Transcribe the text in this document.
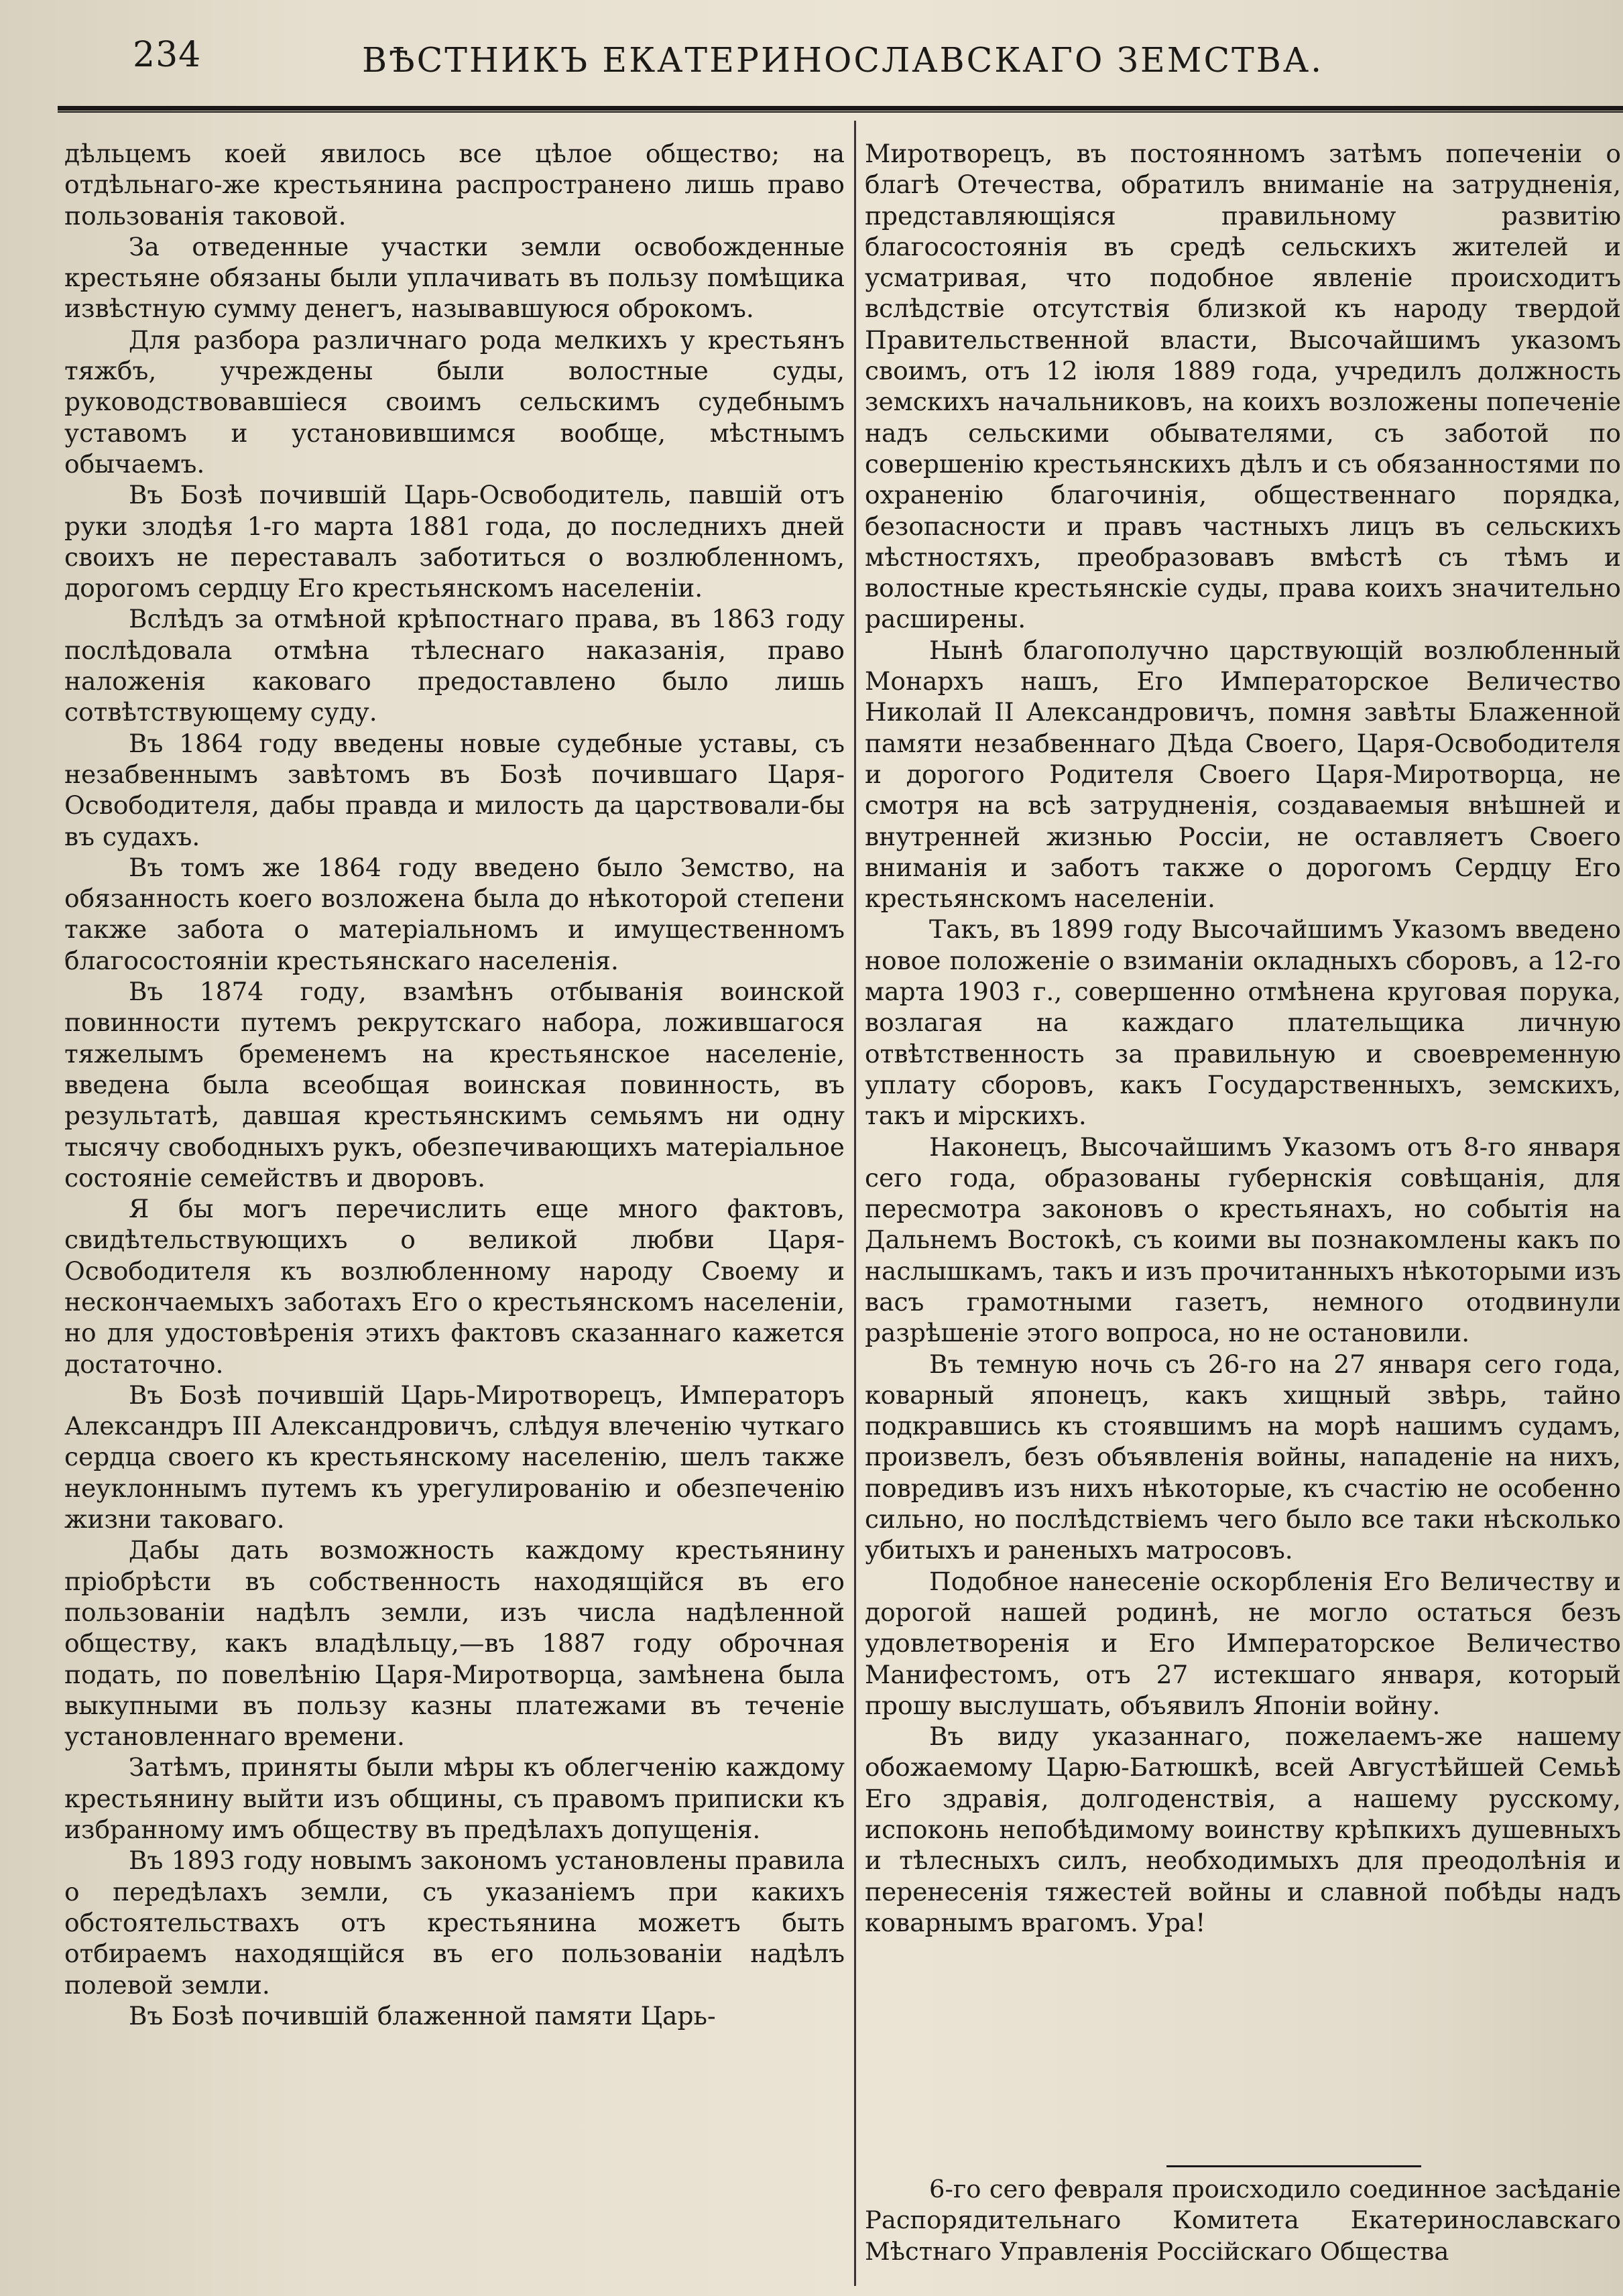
234	ВѢСТНИКЪ ЕКАТЕРИНОСЛАВСКАГО ЗЕМСТВА.

дѣльцемъ коей явилось все цѣлое общество; на отдѣльнаго-же крестьянина распространено лишь право пользованія таковой.

За отведенные участки земли освобожденные крестьяне обязаны были уплачивать въ пользу помѣщика извѣстную сумму денегъ, называвшуюся оброкомъ.

Для разбора различнаго рода мелкихъ у крестьянъ тяжбъ, учреждены были волостные суды, руководствовавшiеся своимъ сельскимъ судебнымъ уставомъ и установившимся вообще, мѣстнымъ обычаемъ.

Въ Бозѣ почившiй Царь-Освободитель, павшiй отъ руки злодѣя 1-го марта 1881 года, до последнихъ дней своихъ не переставалъ заботиться о возлюбленномъ, дорогомъ сердцу Его крестьянскомъ населеніи.

Вслѣдъ за отмѣной крѣпостнаго права, въ 1863 году послѣдовала отмѣна тѣлеснаго наказанія, право наложенія каковаго предоставлено было лишь сотвѣтствующему суду.

Въ 1864 году введены новые судебные уставы, съ незабвеннымъ завѣтомъ въ Бозѣ почившаго Царя-Освободителя, дабы правда и милость да царствовали-бы въ судахъ.

Въ томъ же 1864 году введено было Земство, на обязанность коего возложена была до нѣкоторой степени также забота о матеріальномъ и имущественномъ благосостояніи крестьянскаго населенія.

Въ 1874 году, взамѣнъ отбыванія воинской повинности путемъ рекрутскаго набора, ложившагося тяжелымъ бременемъ на крестьянское населеніе, введена была всеобщая воинская повинность, въ результатѣ, давшая крестьянскимъ семьямъ ни одну тысячу свободныхъ рукъ, обезпечивающихъ матеріальное состояніе семействъ и дворовъ.

Я бы могъ перечислить еще много фактовъ, свидѣтельствующихъ о великой любви Царя-Освободителя къ возлюбленному народу Своему и нескончаемыхъ заботахъ Его о крестьянскомъ населеніи, но для удостовѣренія этихъ фактовъ сказаннаго кажется достаточно.

Въ Бозѣ почившiй Царь-Миротворецъ, Императоръ Александръ III Александровичъ, слѣдуя влеченію чуткаго сердца своего къ крестьянскому населенію, шелъ также неуклоннымъ путемъ къ урегулированію и обезпеченію жизни таковаго.

Дабы дать возможность каждому крестьянину пріобрѣсти въ собственность находящiйся въ его пользованіи надѣлъ земли, изъ числа надѣленной обществу, какъ владѣльцу,—въ 1887 году оброчная подать, по повелѣнію Царя-Миротворца, замѣнена была выкупными въ пользу казны платежами въ теченіе установленнаго времени.

Затѣмъ, приняты были мѣры къ облегченію каждому крестьянину выйти изъ общины, съ правомъ приписки къ избранному имъ обществу въ предѣлахъ допущенія.

Въ 1893 году новымъ закономъ установлены правила о передѣлахъ земли, съ указаніемъ при какихъ обстоятельствахъ отъ крестьянина можетъ быть отбираемъ находящiйся въ его пользованіи надѣлъ полевой земли.

Въ Бозѣ почившiй блаженной памяти Царь-

Миротворецъ, въ постоянномъ затѣмъ попеченіи о благѣ Отечества, обратилъ вниманіе на затрудненія, представляющiяся правильному развитію благосостоянія въ средѣ сельскихъ жителей и усматривая, что подобное явленіе происходитъ вслѣдствіе отсутствія близкой къ народу твердой Правительственной власти, Высочайшимъ указомъ своимъ, отъ 12 іюля 1889 года, учредилъ должность земскихъ начальниковъ, на коихъ возложены попеченіе надъ сельскими обывателями, съ заботой по совершенію крестьянскихъ дѣлъ и съ обязанностями по охраненію благочинія, общественнаго порядка, безопасности и правъ частныхъ лицъ въ сельскихъ мѣстностяхъ, преобразовавъ вмѣстѣ съ тѣмъ и волостные крестьянскіе суды, права коихъ значительно расширены.

Нынѣ благополучно царствующiй возлюбленный Монархъ нашъ, Его Императорское Величество Николай II Александровичъ, помня завѣты Блаженной памяти незабвеннаго Дѣда Своего, Царя-Освободителя и дорогого Родителя Своего Царя-Миротворца, не смотря на всѣ затрудненія, создаваемыя внѣшней и внутренней жизнью Россіи, не оставляетъ Своего вниманія и заботъ также о дорогомъ Сердцу Его крестьянскомъ населеніи.

Такъ, въ 1899 году Высочайшимъ Указомъ введено новое положеніе о взиманіи окладныхъ сборовъ, а 12-го марта 1903 г., совершенно отмѣнена круговая порука, возлагая на каждаго плательщика личную отвѣтственность за правильную и своевременную уплату сборовъ, какъ Государственныхъ, земскихъ, такъ и мірскихъ.

Наконецъ, Высочайшимъ Указомъ отъ 8-го января сего года, образованы губернскія совѣщанія, для пересмотра законовъ о крестьянахъ, но событія на Дальнемъ Востокѣ, съ коими вы познакомлены какъ по наслышкамъ, такъ и изъ прочитанныхъ нѣкоторыми изъ васъ грамотными газетъ, немного отодвинули разрѣшеніе этого вопроса, но не остановили.

Въ темную ночь съ 26-го на 27 января сего года, коварный японецъ, какъ хищный звѣрь, тайно подкравшись къ стоявшимъ на морѣ нашимъ судамъ, произвелъ, безъ объявленія войны, нападеніе на нихъ, повредивъ изъ нихъ нѣкоторые, къ счастію не особенно сильно, но послѣдствіемъ чего было все таки нѣсколько убитыхъ и раненыхъ матросовъ.

Подобное нанесеніе оскорбленія Его Величеству и дорогой нашей родинѣ, не могло остаться безъ удовлетворенія и Его Императорское Величество Манифестомъ, отъ 27 истекшаго января, который прошу выслушать, объявилъ Японіи войну.

Въ виду указаннаго, пожелаемъ-же нашему обожаемому Царю-Батюшкѣ, всей Августѣйшей Семьѣ Его здравія, долгоденствія, а нашему русскому, испоконь непобѣдимому воинству крѣпкихъ душевныхъ и тѣлесныхъ силъ, необходимыхъ для преодолѣнія и перенесенія тяжестей войны и славной побѣды надъ коварнымъ врагомъ. Ура!

6-го сего февраля происходило соединное засѣданіе Распорядительнаго Комитета Екатеринославскаго Мѣстнаго Управленія Россійскаго Общества
